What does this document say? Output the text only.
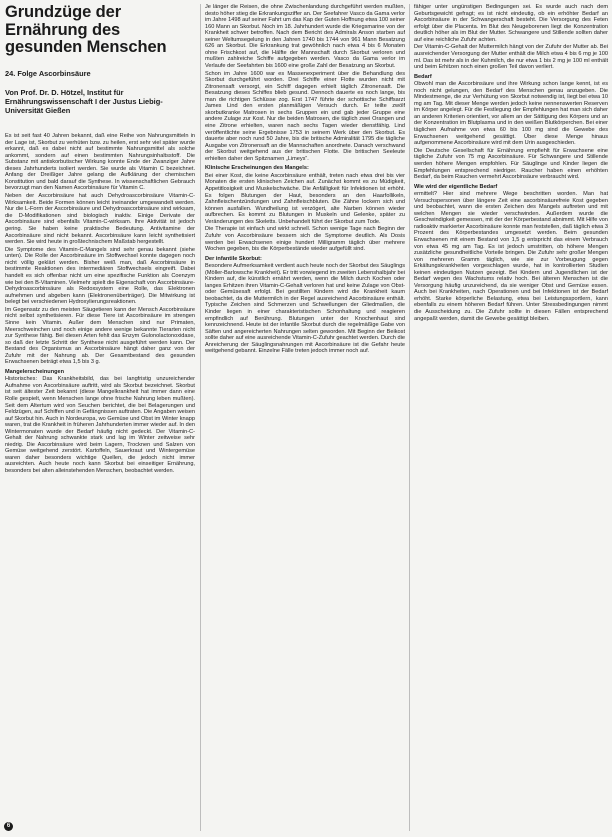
Grundzüge der Ernährung des gesunden Menschen
24. Folge Ascorbinsäure
Von Prof. Dr. D. Hötzel, Institut für Ernährungswissenschaft I der Justus Liebig-Universität Gießen

Es ist seit fast 40 Jahren bekannt, daß eine Reihe von Nahrungsmitteln in der Lage ist, Skorbut zu verhüten bzw. zu heilen, erst sehr viel später wurde erkannt, daß es dabei nicht auf bestimmte Nahrungsmittel als solche ankommt, sondern auf einen bestimmten Nahrungsinhaltsstoff. Die Substanz mit antiskorbutischer Wirkung konnte Ende der Zwanziger Jahre dieses Jahrhunderts isoliert werden. Sie wurde als Vitamin C bezeichnet. Anfang der Dreißiger Jahre gelang die Aufklärung der chemischen Konstitution und bald darauf die Synthese. In wissenschaftlichen Gebrauch bevorzugt man den Namen Ascorbinsäure für Vitamin C.

Neben der Ascorbinsäure hat auch Dehydroascorbinsäure Vitamin-C-Wirksamkeit. Beide Formen können leicht ineinander umgewandelt werden. Nur die L-Form der Ascorbinsäure und Dehydroascorbinsäure sind wirksam, die D-Modifikationen sind biologisch inaktiv. Einige Derivate der Ascorbinsäure sind ebenfalls Vitamin-C-wirksam. Ihre Aktivität ist jedoch gering. Sie haben keine praktische Bedeutung. Antivitamine der Ascorbinsäure sind nicht bekannt. Ascorbinsäure kann leicht synthetisiert werden. Sie wird heute in großtechnischem Maßstab hergestellt.

Die Symptome des Vitamin-C-Mangels sind sehr genau bekannt (siehe unten). Die Rolle der Ascorbinsäure im Stoffwechsel konnte dagegen noch nicht völlig geklärt werden. Bisher weiß man, daß Ascorbinsäure in bestimmte Reaktionen des intermediären Stoffwechsels eingreift. Dabei handelt es sich offenbar nicht um eine spezifische Funktion als Coenzym wie bei den B-Vitaminen. Vielmehr spielt die Eigenschaft von Ascorbinsäure-Dehydroascorbinsäure als Redoxsystem eine Rolle, das Elektronen aufnehmen und abgeben kann (Elektronenüberträger). Die Mitwirkung ist belegt bei verschiedenen Hydroxylierungsreaktionen.

Im Gegensatz zu den meisten Säugetieren kann der Mensch Ascorbinsäure nicht selbst synthetisieren. Für diese Tiere ist Ascorbinsäure im strengen Sinne kein Vitamin. Außer dem Menschen sind nur Primaten, Meerschweinchen und noch einige andere wenige bekannte Tierarten nicht zur Synthese fähig. Bei diesen Arten fehlt das Enzym Gulonolactonoxidase, so daß der letzte Schritt der Synthese nicht ausgeführt werden kann. Der Bestand des Organismus an Ascorbinsäure hängt daher ganz von der Zufuhr mit der Nahrung ab. Der Gesamtbestand des gesunden Erwachsenen beträgt etwa 1,5 bis 3 g.

Mangelerscheinungen

Historisches: Das Krankheitsbild, das bei langfristig unzureichender Aufnahme von Ascorbinsäure auftritt, wird als Skorbut bezeichnet. Skorbut ist seit ältester Zeit bekannt (diese Mangelkrankheit hat immer dann eine Rolle gespielt, wenn Menschen lange ohne frische Nahrung leben mußten). Seit dem Altertum wird von Seuchen berichtet, die bei Belagerungen und Feldzügen, auf Schiffen und in Gefängnissen auftraten. Die Angaben weisen auf Skorbut hin. Auch in Nordeuropa, wo Gemüse und Obst im Winter knapp waren, trat die Krankheit in früheren Jahrhunderten immer wieder auf. In den Wintermonaten wurde der Bedarf häufig nicht gedeckt. Der Vitamin-C-Gehalt der Nahrung schwankte stark und lag im Winter zeitweise sehr niedrig. Die Ascorbinsäure wird beim Lagern, Trocknen und Salzen von Gemüse weitgehend zerstört. Kartoffeln, Sauerkraut und Wintergemüse waren daher besonders wichtige Quellen, die jedoch nicht immer ausreichten. Auch heute noch kann Skorbut bei einseitiger Ernährung, besonders bei alten alleinstehenden Menschen, beobachtet werden.

Je länger die Reisen, die ohne Zwischenlandung durchgeführt werden mußten, desto höher stieg die Erkrankungsziffer an. Der Seefahrer Vasco da Gama verlor im Jahre 1498 auf seiner Fahrt um das Kap der Guten Hoffnung etwa 100 seiner 160 Mann an Skorbut. Noch im 18. Jahrhundert wurde die Kriegsmarine von der Krankheit schwer betroffen. Nach dem Bericht des Admirals Anson starben auf seiner Weltumsegelung in den Jahren 1740 bis 1744 von 961 Mann Besatzung 626 an Skorbut. Die Erkrankung trat gewöhnlich nach etwa 4 bis 6 Monaten ohne Frischkost auf, die Hälfte der Mannschaft durch Skorbut verloren und mußten zahlreiche Schiffe aufgegeben werden. Vasco da Gama verlor im Verlaufe der Seefahrten bis 1600 eine große Zahl der Besatzung an Skorbut.

Schon im Jahre 1600 war es Massenexperiment über die Behandlung des Skorbut durchgeführt worden. Drei Schiffe einer Flotte wurden nicht mit Zitronensaft versorgt, ein Schiff dagegen erhielt täglich Zitronensaft. Die Besatzung dieses Schiffes blieb gesund. Dennoch dauerte es noch lange, bis man die richtigen Schlüsse zog. Erst 1747 führte der schottische Schiffsarzt James Lind den ersten planmäßigen Versuch durch. Er teilte zwölf skorbutkranke Matrosen in sechs Gruppen ein und gab jeder Gruppe eine andere Zulage zur Kost. Nur die beiden Matrosen, die täglich zwei Orangen und eine Zitrone erhielten, waren nach sechs Tagen wieder dienstfähig. Lind veröffentlichte seine Ergebnisse 1753 in seinem Werk über den Skorbut. Es dauerte aber noch rund 50 Jahre, bis die britische Admiralität 1795 die tägliche Ausgabe von Zitronensaft an die Mannschaften anordnete. Danach verschwand der Skorbut weitgehend aus der britischen Flotte. Die britischen Seeleute erhielten daher den Spitznamen „Limeys“.

Klinische Erscheinungen des Mangels:

Bei einer Kost, die keine Ascorbinsäure enthält, treten nach etwa drei bis vier Monaten die ersten klinischen Zeichen auf. Zunächst kommt es zu Müdigkeit, Appetitlosigkeit und Muskelschwäche. Die Anfälligkeit für Infektionen ist erhöht. Es folgen Blutungen der Haut, besonders an den Haarfollikeln, Zahnfleischentzündungen und Zahnfleischbluten. Die Zähne lockern sich und können ausfallen. Wundheilung ist verzögert, alte Narben können wieder aufbrechen. Es kommt zu Blutungen in Muskeln und Gelenke, später zu Veränderungen des Skeletts. Unbehandelt führt der Skorbut zum Tode.

Die Therapie ist einfach und wirkt schnell. Schon wenige Tage nach Beginn der Zufuhr von Ascorbinsäure bessern sich die Symptome deutlich. Als Dosis werden bei Erwachsenen einige hundert Milligramm täglich über mehrere Wochen gegeben, bis die Körperbestände wieder aufgefüllt sind.

Der infantile Skorbut:

Besondere Aufmerksamkeit verdient auch heute noch der Skorbut des Säuglings (Möller-Barlowsche Krankheit). Er tritt vorwiegend im zweiten Lebenshalbjahr bei Kindern auf, die künstlich ernährt werden, wenn die Milch durch Kochen oder langes Erhitzen ihren Vitamin-C-Gehalt verloren hat und keine Zulage von Obst- oder Gemüsesaft erfolgt. Bei gestillten Kindern wird die Krankheit kaum beobachtet, da die Muttermilch in der Regel ausreichend Ascorbinsäure enthält. Typische Zeichen sind Schmerzen und Schwellungen der Gliedmaßen, die Kinder liegen in einer charakteristischen Schonhaltung und reagieren empfindlich auf Berührung. Blutungen unter der Knochenhaut sind kennzeichnend. Heute ist der infantile Skorbut durch die regelmäßige Gabe von Säften und angereicherten Nahrungen selten geworden. Mit Beginn der Beikost sollte daher auf eine ausreichende Vitamin-C-Zufuhr geachtet werden. Durch die Anreicherung der Säuglingsnahrungen mit Ascorbinsäure ist die Gefahr heute weitgehend gebannt. Einzelne Fälle treten jedoch immer noch auf.

fähiger unter ungünstigen Bedingungen sei. Es wurde auch nach dem Geburtsgewicht gefragt; es ist nicht eindeutig, ob ein erhöhter Bedarf an Ascorbinsäure in der Schwangerschaft besteht. Die Versorgung des Feten erfolgt über die Placenta. Im Blut des Neugeborenen liegt die Konzentration deutlich höher als im Blut der Mutter. Schwangere und Stillende sollten daher auf eine reichliche Zufuhr achten.

Der Vitamin-C-Gehalt der Muttermilch hängt von der Zufuhr der Mutter ab. Bei ausreichender Versorgung der Mutter enthält die Milch etwa 4 bis 6 mg je 100 ml. Das ist mehr als in der Kuhmilch, die nur etwa 1 bis 2 mg je 100 ml enthält und beim Erhitzen noch einen großen Teil davon verliert.

Bedarf

Obwohl man die Ascorbinsäure und ihre Wirkung schon lange kennt, ist es noch nicht gelungen, den Bedarf des Menschen genau anzugeben. Die Mindestmenge, die zur Verhütung von Skorbut notwendig ist, liegt bei etwa 10 mg am Tag. Mit dieser Menge werden jedoch keine nennenswerten Reserven im Körper angelegt. Für die Festlegung der Empfehlungen hat man sich daher an anderen Kriterien orientiert, vor allem an der Sättigung des Körpers und an der Konzentration im Blutplasma und in den weißen Blutkörperchen. Bei einer täglichen Aufnahme von etwa 60 bis 100 mg sind die Gewebe des Erwachsenen weitgehend gesättigt. Über diese Menge hinaus aufgenommene Ascorbinsäure wird mit dem Urin ausgeschieden.

Die Deutsche Gesellschaft für Ernährung empfiehlt für Erwachsene eine tägliche Zufuhr von 75 mg Ascorbinsäure. Für Schwangere und Stillende werden höhere Mengen empfohlen. Für Säuglinge und Kinder liegen die Empfehlungen entsprechend niedriger. Raucher haben einen erhöhten Bedarf, da beim Rauchen vermehrt Ascorbinsäure verbraucht wird.

Wie wird der eigentliche Bedarf

ermittelt? Hier sind mehrere Wege beschritten worden. Man hat Versuchspersonen über längere Zeit eine ascorbinsäurefreie Kost gegeben und beobachtet, wann die ersten Zeichen des Mangels auftreten und mit welchen Mengen sie wieder verschwinden. Außerdem wurde die Geschwindigkeit gemessen, mit der der Körperbestand abnimmt. Mit Hilfe von radioaktiv markierter Ascorbinsäure konnte man feststellen, daß täglich etwa 3 Prozent des Körperbestandes umgesetzt werden. Beim gesunden Erwachsenen mit einem Bestand von 1,5 g entspricht das einem Verbrauch von etwa 45 mg am Tag. Es ist jedoch umstritten, ob höhere Mengen zusätzliche gesundheitliche Vorteile bringen. Die Zufuhr sehr großer Mengen von mehreren Gramm täglich, wie sie zur Vorbeugung gegen Erkältungskrankheiten vorgeschlagen wurde, hat in kontrollierten Studien keinen eindeutigen Nutzen gezeigt. Bei Kindern und Jugendlichen ist der Bedarf wegen des Wachstums relativ hoch. Bei älteren Menschen ist die Versorgung häufig unzureichend, da sie weniger Obst und Gemüse essen. Auch bei Krankheiten, nach Operationen und bei Infektionen ist der Bedarf erhöht. Starke körperliche Belastung, etwa bei Leistungssportlern, kann ebenfalls zu einem höheren Bedarf führen. Unter Stressbedingungen nimmt die Ausscheidung zu. Die Zufuhr sollte in diesen Fällen entsprechend angepaßt werden, damit die Gewebe gesättigt bleiben.

6
